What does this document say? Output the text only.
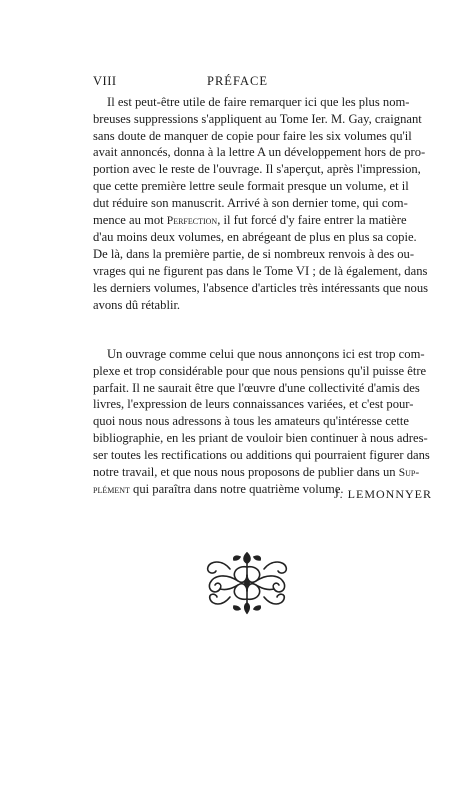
VIII	PRÉFACE
Il est peut-être utile de faire remarquer ici que les plus nom-
breuses suppressions s'appliquent au Tome Ier. M. Gay, craignant
sans doute de manquer de copie pour faire les six volumes qu'il
avait annoncés, donna à la lettre A un développement hors de pro-
portion avec le reste de l'ouvrage. Il s'aperçut, après l'impression,
que cette première lettre seule formait presque un volume, et il
dut réduire son manuscrit. Arrivé à son dernier tome, qui com-
mence au mot Perfection, il fut forcé d'y faire entrer la matière
d'au moins deux volumes, en abrégeant de plus en plus sa copie.
De là, dans la première partie, de si nombreux renvois à des ou-
vrages qui ne figurent pas dans le Tome VI ; de là également, dans
les derniers volumes, l'absence d'articles très intéressants que nous
avons dû rétablir.
Un ouvrage comme celui que nous annonçons ici est trop com-
plexe et trop considérable pour que nous pensions qu'il puisse être
parfait. Il ne saurait être que l'œuvre d'une collectivité d'amis des
livres, l'expression de leurs connaissances variées, et c'est pour-
quoi nous nous adressons à tous les amateurs qu'intéresse cette
bibliographie, en les priant de vouloir bien continuer à nous adres-
ser toutes les rectifications ou additions qui pourraient figurer dans
notre travail, et que nous nous proposons de publier dans un Sup-
plément qui paraîtra dans notre quatrième volume.
J. LEMONNYER
